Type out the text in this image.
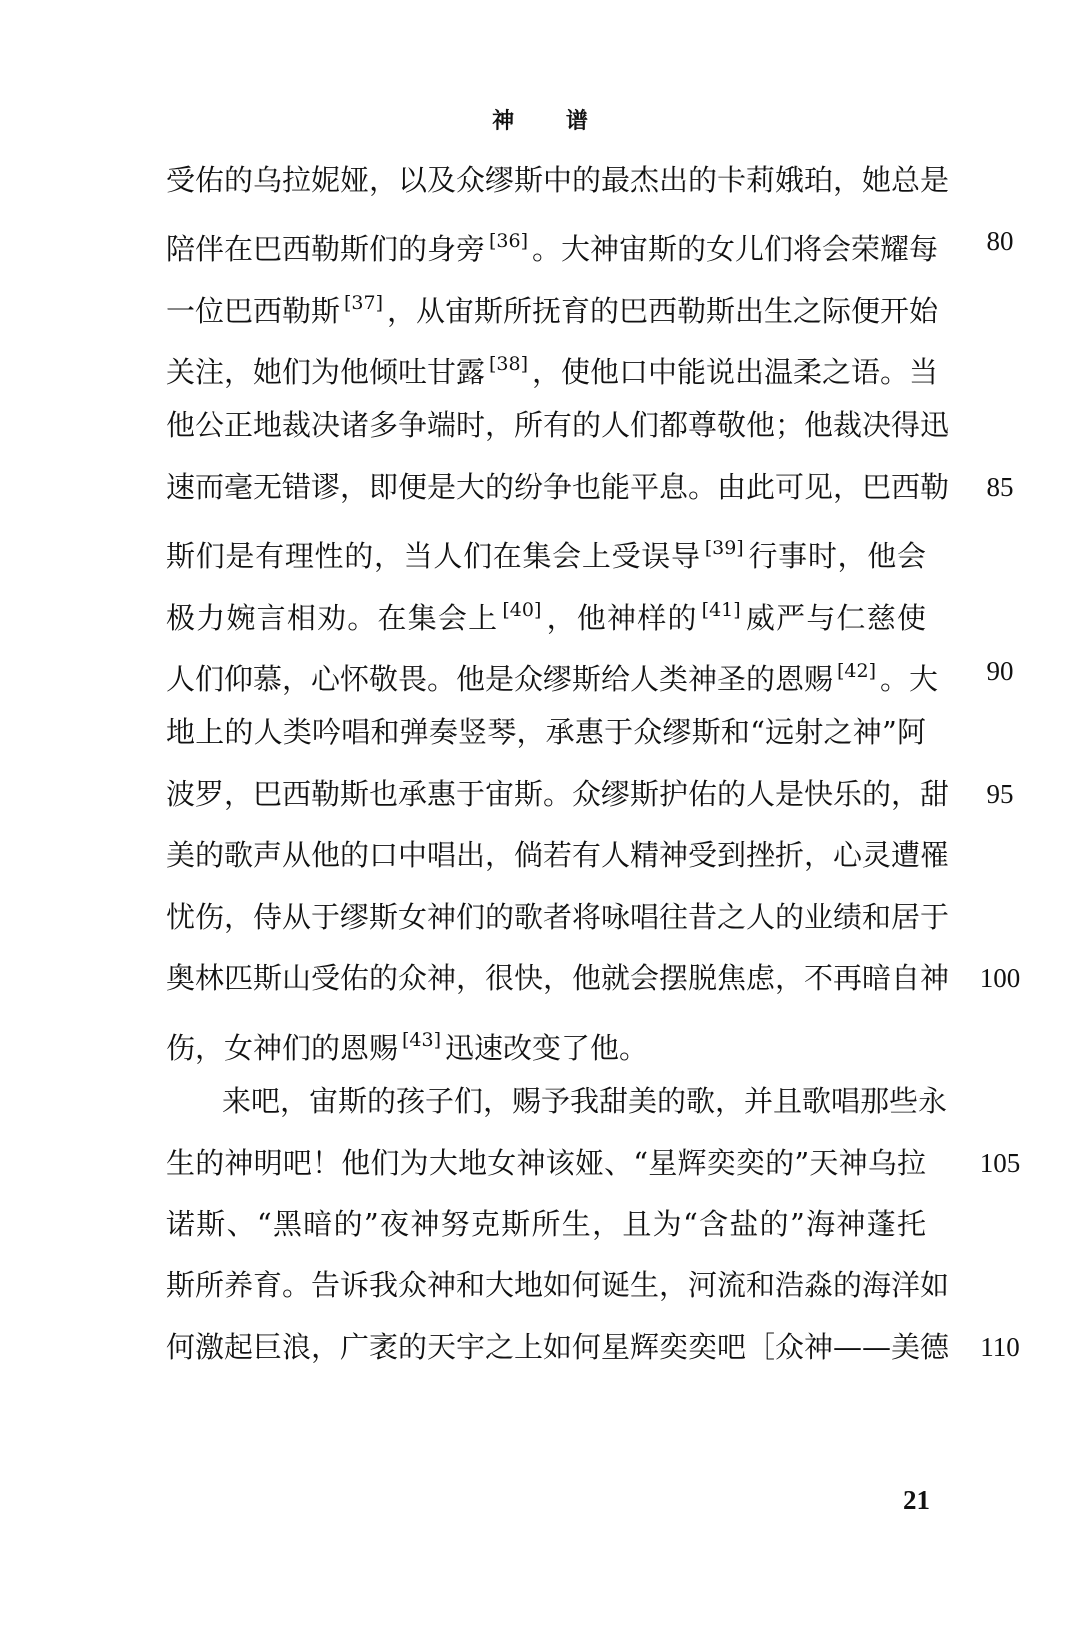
神 谱
受佑的乌拉妮娅，以及众缪斯中的最杰出的卡莉娥珀，她总是
陪伴在巴西勒斯们的身旁 [36] 。大神宙斯的女儿们将会荣耀每
一位巴西勒斯 [37] ，从宙斯所抚育的巴西勒斯出生之际便开始
关注，她们为他倾吐甘露 [38] ，使他口中能说出温柔之语。当
他公正地裁决诸多争端时，所有的人们都尊敬他；他裁决得迅
速而毫无错谬，即便是大的纷争也能平息。由此可见，巴西勒
斯们是有理性的，当人们在集会上受误导 [39] 行事时，他会
极力婉言相劝。在集会上 [40] ，他神样的 [41] 威严与仁慈使
人们仰慕，心怀敬畏。他是众缪斯给人类神圣的恩赐 [42] 。大
地上的人类吟唱和弹奏竖琴，承惠于众缪斯和“远射之神”阿
波罗，巴西勒斯也承惠于宙斯。众缪斯护佑的人是快乐的，甜
美的歌声从他的口中唱出，倘若有人精神受到挫折，心灵遭罹
忧伤，侍从于缪斯女神们的歌者将咏唱往昔之人的业绩和居于
奥林匹斯山受佑的众神，很快，他就会摆脱焦虑，不再暗自神
伤，女神们的恩赐 [43] 迅速改变了他。
来吧，宙斯的孩子们，赐予我甜美的歌，并且歌唱那些永
生的神明吧！他们为大地女神该娅、“星辉奕奕的”天神乌拉
诺斯、“黑暗的”夜神努克斯所生，且为“含盐的”海神蓬托
斯所养育。告诉我众神和大地如何诞生，河流和浩淼的海洋如
何激起巨浪，广袤的天宇之上如何星辉奕奕吧［众神——美德
80
85
90
95
100
105
110
21
